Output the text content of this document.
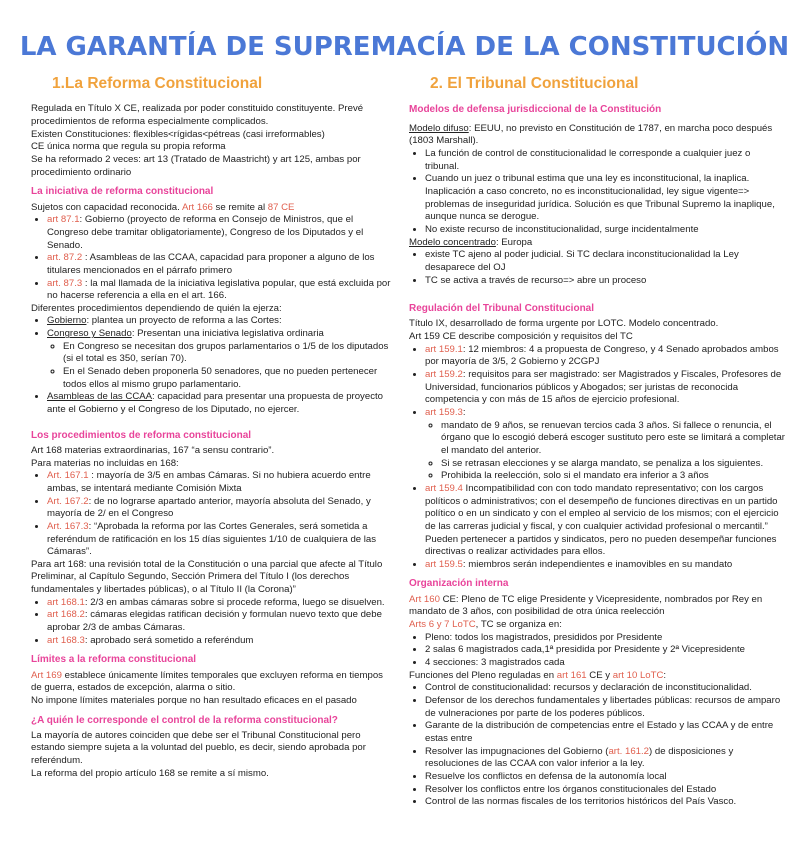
LA GARANTÍA DE SUPREMACÍA DE LA CONSTITUCIÓN
1.La Reforma Constitucional

Regulada en Título X CE, realizada por poder constituido constituyente. Prevé procedimientos de reforma especialmente complicados.

Existen Constituciones: flexibles<rígidas<pétreas (casi irreformables)

CE única norma que regula su propia reforma

Se ha reformado 2 veces: art 13 (Tratado de Maastricht) y art 125, ambas por procedimiento ordinario

La iniciativa de reforma constitucional

Sujetos con capacidad reconocida. Art 166 se remite al 87 CE

• art 87.1: Gobierno (proyecto de reforma en Consejo de Ministros, que el Congreso debe tramitar obligatoriamente), Congreso de los Diputados y el Senado.
• art. 87.2 : Asambleas de las CCAA, capacidad para proponer a alguno de los titulares mencionados en el párrafo primero
• art. 87.3 : la mal llamada de la iniciativa legislativa popular, que está excluida por no hacerse referencia a ella en el art. 166.

Diferentes procedimientos dependiendo de quién la ejerza:

• Gobierno: plantea un proyecto de reforma a las Cortes:
• Congreso y Senado: Presentan una iniciativa legislativa ordinaria
◦ En Congreso se necesitan dos grupos parlamentarios o 1/5 de los diputados (si el total es 350, serían 70).
◦ En el Senado deben proponerla 50 senadores, que no pueden pertenecer todos ellos al mismo grupo parlamentario.
• Asambleas de las CCAA: capacidad para presentar una propuesta de proyecto ante el Gobierno y el Congreso de los Diputado, no ejercer.
Los procedimientos de reforma constitucional

Art 168 materias extraordinarias, 167 “a sensu contrario”.

Para materias no incluidas en 168:

• Art. 167.1 : mayoría de 3/5 en ambas Cámaras. Si no hubiera acuerdo entre ambas, se intentará mediante Comisión Mixta
• Art. 167.2: de no lograrse apartado anterior, mayoría absoluta del Senado, y mayoría de 2/ en el Congreso
• Art. 167.3: “Aprobada la reforma por las Cortes Generales, será sometida a referéndum de ratificación en los 15 días siguientes 1/10 de cualquiera de las Cámaras”.

Para art 168: una revisión total de la Constitución o una parcial que afecte al Título Preliminar, al Capítulo Segundo, Sección Primera del Título I (los derechos fundamentales y libertades públicas), o al Título II (la Corona)”

• art 168.1: 2/3 en ambas cámaras sobre si procede reforma, luego se disuelven.
• art 168.2: cámaras elegidas ratifican decisión y formulan nuevo texto que debe aprobar 2/3 de ambas Cámaras.
• art 168.3: aprobado será sometido a referéndum
Límites a la reforma constitucional

Art 169 establece únicamente límites temporales que excluyen reforma en tiempos de guerra, estados de excepción, alarma o sitio.

No impone límites materiales porque no han resultado eficaces en el pasado

¿A quién le corresponde el control de la reforma constitucional?

La mayoría de autores coinciden que debe ser el Tribunal Constitucional pero estando siempre sujeta a la voluntad del pueblo, es decir, siendo aprobada por referéndum.

La reforma del propio artículo 168 se remite a sí mismo.

2. El Tribunal Constitucional
Modelos de defensa jurisdiccional de la Constitución

Modelo difuso: EEUU, no previsto en Constitución de 1787, en marcha poco después (1803 Marshall).

• La función de control de constitucionalidad le corresponde a cualquier juez o tribunal.
• Cuando un juez o tribunal estima que una ley es inconstitucional, la inaplica. Inaplicación a caso concreto, no es inconstitucionalidad, ley sigue vigente=> problemas de inseguridad jurídica. Solución es que Tribunal Supremo la inaplique, aunque nunca se derogue.
• No existe recurso de inconstitucionalidad, surge incidentalmente

Modelo concentrado: Europa

• existe TC ajeno al poder judicial. Si TC declara inconstitucionalidad la Ley desaparece del OJ
• TC se activa a través de recurso=> abre un proceso
Regulación del Tribunal Constitucional

Título IX, desarrollado de forma urgente por LOTC. Modelo concentrado.

Art 159 CE describe composición y requisitos del TC

• art 159.1: 12 miembros: 4 a propuesta de Congreso, y 4 Senado aprobados ambos por mayoría de 3/5, 2 Gobierno y 2CGPJ
• art 159.2: requisitos para ser magistrado: ser Magistrados y Fiscales, Profesores de Universidad, funcionarios públicos y Abogados; ser juristas de reconocida competencia y con más de 15 años de ejercicio profesional.
• art 159.3:
◦ mandato de 9 años, se renuevan tercios cada 3 años. Si fallece o renuncia, el órgano que lo escogió deberá escoger sustituto pero este se limitará a completar el mandato del anterior.
◦ Si se retrasan elecciones y se alarga mandato, se penaliza a los siguientes.
◦ Prohibida la reelección, solo si el mandato era inferior a 3 años
• art 159.4 Incompatibilidad con con todo mandato representativo; con los cargos políticos o administrativos; con el desempeño de funciones directivas en un partido político o en un sindicato y con el empleo al servicio de los mismos; con el ejercicio de las carreras judicial y fiscal, y con cualquier actividad profesional o mercantil.” Pueden pertenecer a partidos y sindicatos, pero no pueden desempeñar funciones directivas o realizar actividades para ellos.
• art 159.5: miembros serán independientes e inamovibles en su mandato
Organización interna

Art 160 CE: Pleno de TC elige Presidente y Vicepresidente, nombrados por Rey en mandato de 3 años, con posibilidad de otra única reelección

Arts 6 y 7 LoTC, TC se organiza en:

• Pleno: todos los magistrados, presididos por Presidente
• 2 salas 6 magistrados cada,1ª presidida por Presidente y 2ª Vicepresidente
• 4 secciones: 3 magistrados cada

Funciones del Pleno reguladas en art 161 CE y art 10 LoTC:

• Control de constitucionalidad: recursos y declaración de inconstitucionalidad.
• Defensor de los derechos fundamentales y libertades públicas: recursos de amparo de vulneraciones por parte de los poderes públicos.
• Garante de la distribución de competencias entre el Estado y las CCAA y de entre estas entre
• Resolver las impugnaciones del Gobierno (art. 161.2) de disposiciones y resoluciones de las CCAA con valor inferior a la ley.
• Resuelve los conflictos en defensa de la autonomía local
• Resolver los conflictos entre los órganos constitucionales del Estado
• Control de las normas fiscales de los territorios históricos del País Vasco.
